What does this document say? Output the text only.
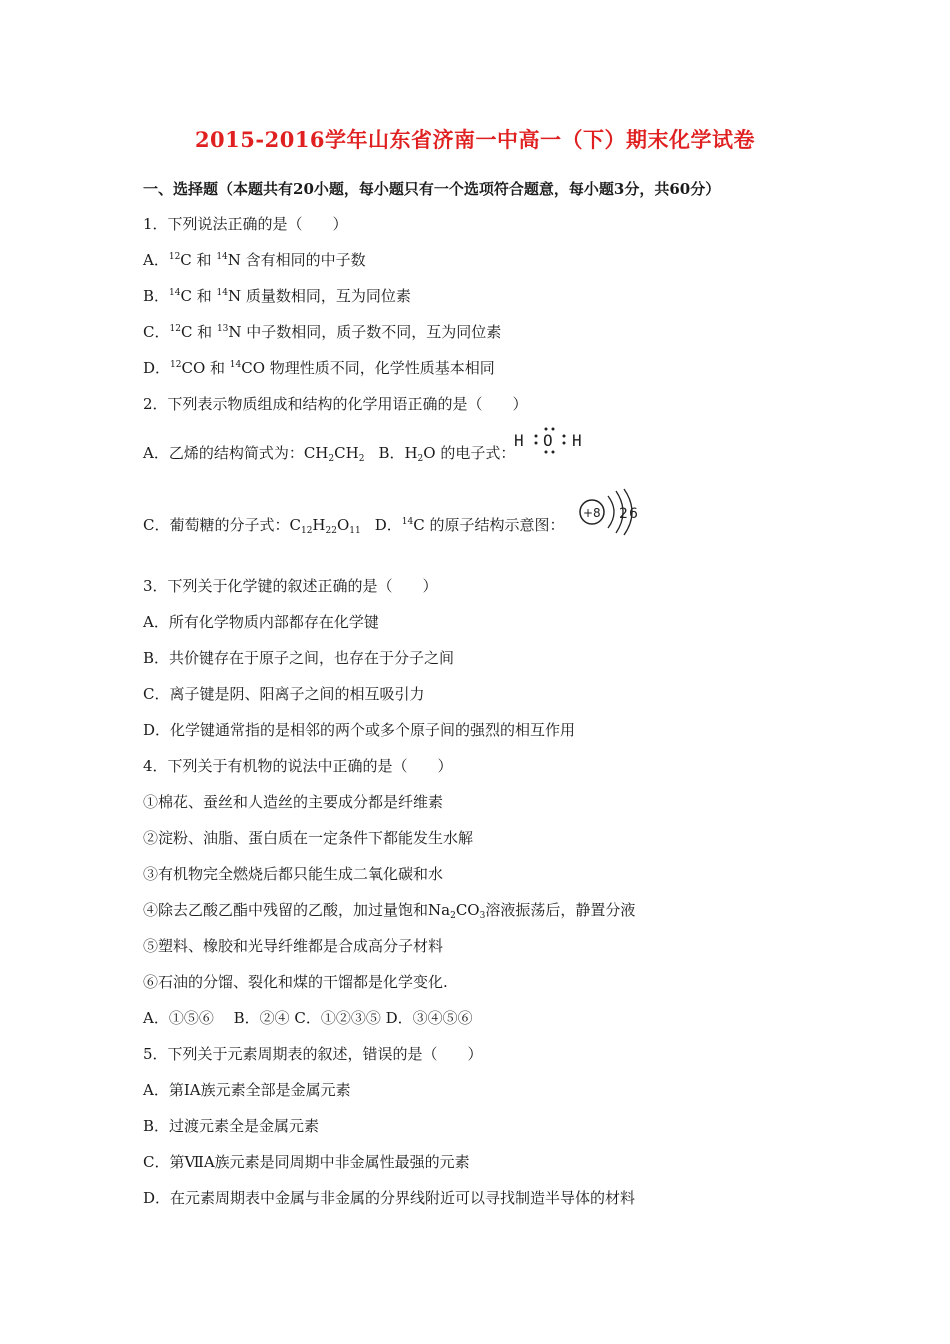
2015-2016学年山东省济南一中高一（下）期末化学试卷
一、选择题（本题共有20小题，每小题只有一个选项符合题意，每小题3分，共60分）
1．下列说法正确的是（　　）
A．$^{12}$C 和 $^{14}$N 含有相同的中子数
B．$^{14}$C 和 $^{14}$N 质量数相同，互为同位素
C．$^{12}$C 和 $^{13}$N 中子数相同，质子数不同，互为同位素
D．$^{12}$CO 和 $^{14}$CO 物理性质不同，化学性质基本相同
2．下列表示物质组成和结构的化学用语正确的是（　　）
A．乙烯的结构简式为：$CH_2CH_2$ B．$H_2O$ 的电子式：
H O H
C．葡萄糖的分子式：$C_{12}H_{22}O_{11}$ D．$^{14}$C 的原子结构示意图：
+8 2 6
3．下列关于化学键的叙述正确的是（　　）
A．所有化学物质内部都存在化学键
B．共价键存在于原子之间，也存在于分子之间
C．离子键是阴、阳离子之间的相互吸引力
D．化学键通常指的是相邻的两个或多个原子间的强烈的相互作用
4．下列关于有机物的说法中正确的是（　　）
①棉花、蚕丝和人造丝的主要成分都是纤维素
②淀粉、油脂、蛋白质在一定条件下都能发生水解
③有机物完全燃烧后都只能生成二氧化碳和水
④除去乙酸乙酯中残留的乙酸，加过量饱和$Na_2CO_3$溶液振荡后，静置分液
⑤塑料、橡胶和光导纤维都是合成高分子材料
⑥石油的分馏、裂化和煤的干馏都是化学变化.
A．①⑤⑥　 B．②④ C．①②③⑤ D．③④⑤⑥
5．下列关于元素周期表的叙述，错误的是（　　）
A．第ⅠA族元素全部是金属元素
B．过渡元素全是金属元素
C．第ⅦA族元素是同周期中非金属性最强的元素
D．在元素周期表中金属与非金属的分界线附近可以寻找制造半导体的材料
